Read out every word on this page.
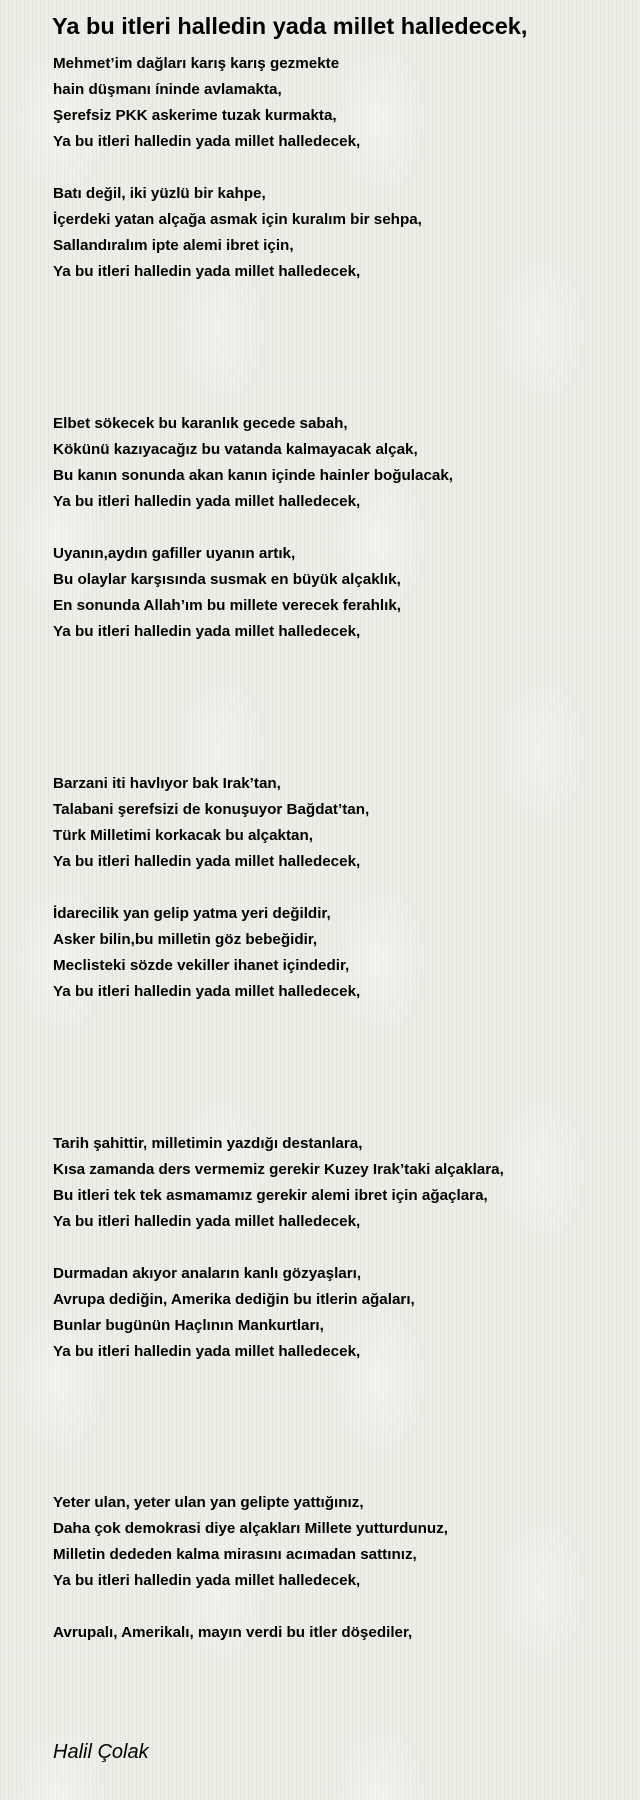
Ya bu itleri halledin yada millet halledecek,
Mehmet’im dağları karış karış gezmekte
hain düşmanı íninde avlamakta,
Şerefsiz PKK askerime tuzak kurmakta,
Ya bu itleri halledin yada millet halledecek,
Batı değil, iki yüzlü bir kahpe,
İçerdeki yatan alçağa asmak için kuralım bir sehpa,
Sallandıralım ipte alemi ibret için,
Ya bu itleri halledin yada millet halledecek,
Elbet sökecek bu karanlık gecede sabah,
Kökünü kazıyacağız bu vatanda kalmayacak alçak,
Bu kanın sonunda akan kanın içinde hainler boğulacak,
Ya bu itleri halledin yada millet halledecek,
Uyanın,aydın gafiller uyanın artık,
Bu olaylar karşısında susmak en büyük alçaklık,
En sonunda Allah’ım bu millete verecek ferahlık,
Ya bu itleri halledin yada millet halledecek,
Barzani iti havlıyor bak Irak’tan,
Talabani şerefsizi de konuşuyor Bağdat’tan,
Türk Milletimi korkacak bu alçaktan,
Ya bu itleri halledin yada millet halledecek,
İdarecilik yan gelip yatma yeri değildir,
Asker bilin,bu milletin göz bebeğidir,
Meclisteki sözde vekiller ihanet içindedir,
Ya bu itleri halledin yada millet halledecek,
Tarih şahittir, milletimin yazdığı destanlara,
Kısa zamanda ders vermemiz gerekir Kuzey Irak’taki alçaklara,
Bu itleri tek tek asmamamız gerekir alemi ibret için ağaçlara,
Ya bu itleri halledin yada millet halledecek,
Durmadan akıyor anaların kanlı gözyaşları,
Avrupa dediğin, Amerika dediğin bu itlerin ağaları,
Bunlar bugünün Haçlının Mankurtları,
Ya bu itleri halledin yada millet halledecek,
Yeter ulan, yeter ulan yan gelipte yattığınız,
Daha çok demokrasi diye alçakları Millete yutturdunuz,
Milletin dededen kalma mirasını acımadan sattınız,
Ya bu itleri halledin yada millet halledecek,
Avrupalı, Amerikalı, mayın verdi bu itler döşediler,
Halil Çolak
